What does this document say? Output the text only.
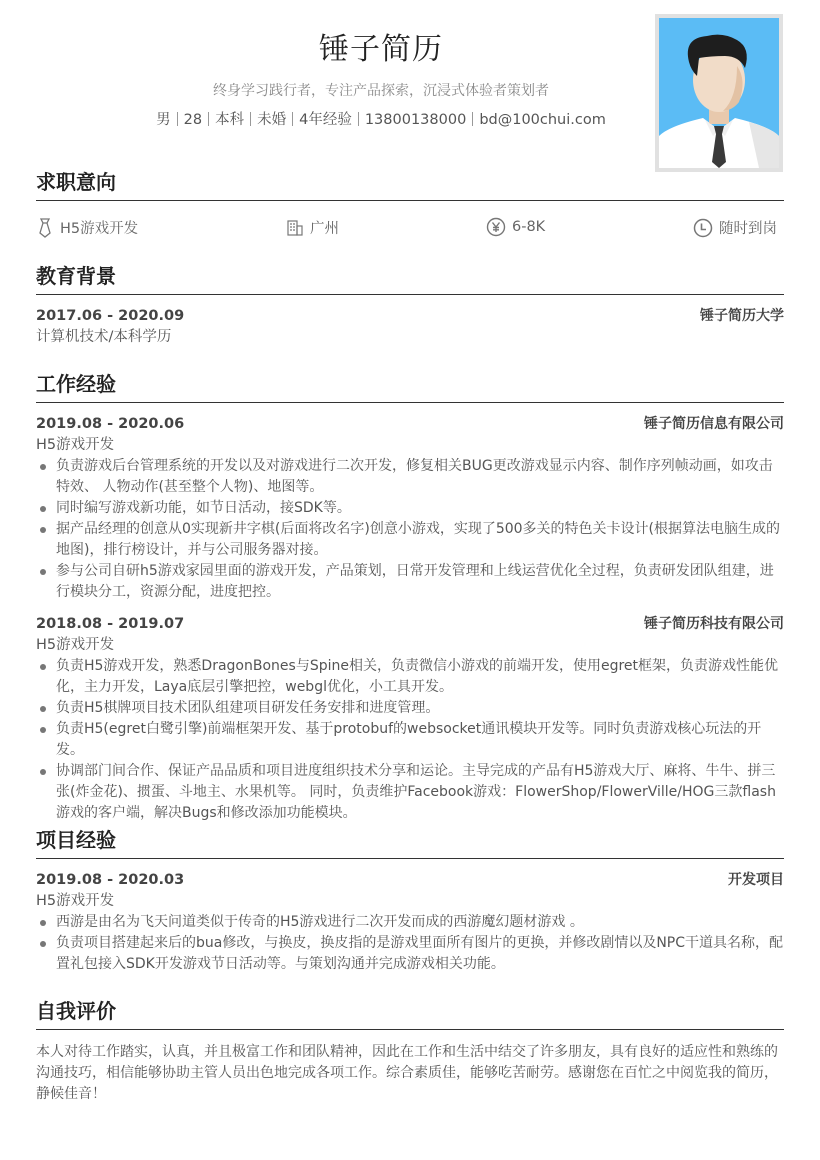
锤子简历
终身学习践行者，专注产品探索，沉浸式体验者策划者
男 28 本科 未婚 4年经验 13800138000 bd@100chui.com
求职意向
H5游戏开发	广州	6-8K	随时到岗
教育背景
2017.06 - 2020.09	锤子简历大学
计算机技术/本科学历
工作经验
2019.08 - 2020.06	锤子简历信息有限公司
H5游戏开发
负责游戏后台管理系统的开发以及对游戏进行二次开发，修复相关BUG更改游戏显示内容、制作序列帧动画，如攻击特效、 人物动作(甚至整个人物)、地图等。
同时编写游戏新功能，如节日活动，接SDK等。
据产品经理的创意从0实现新井字棋(后面将改名字)创意小游戏，实现了500多关的特色关卡设计(根据算法电脑生成的地图)，排行榜设计，并与公司服务器对接。
参与公司自研h5游戏家园里面的游戏开发，产品策划，日常开发管理和上线运营优化全过程，负责研发团队组建，进行模块分工，资源分配，进度把控。
2018.08 - 2019.07	锤子简历科技有限公司
H5游戏开发
负责H5游戏开发，熟悉DragonBones与Spine相关，负责微信小游戏的前端开发，使用egret框架，负责游戏性能优化，主力开发，Laya底层引擎把控，webgl优化，小工具开发。
负责H5棋牌项目技术团队组建项目研发任务安排和进度管理。
负责H5(egret白鹭引擎)前端框架开发、基于protobuf的websocket通讯模块开发等。同时负责游戏核心玩法的开发。
协调部门间合作、保证产品品质和项目进度组织技术分享和运论。主导完成的产品有H5游戏大厅、麻将、牛牛、拼三张(炸金花)、掼蛋、斗地主、水果机等。 同时，负责维护Facebook游戏：FlowerShop/FlowerVille/HOG三款flash游戏的客户端，解决Bugs和修改添加功能模块。
项目经验
2019.08 - 2020.03	开发项目
H5游戏开发
西游是由名为飞天问道类似于传奇的H5游戏进行二次开发而成的西游魔幻题材游戏 。
负责项目搭建起来后的bua修改，与换皮，换皮指的是游戏里面所有图片的更换，并修改剧情以及NPC干道具名称，配置礼包接入SDK开发游戏节日活动等。与策划沟通并完成游戏相关功能。
自我评价
本人对待工作踏实，认真，并且极富工作和团队精神，因此在工作和生活中结交了许多朋友，具有良好的适应性和熟练的沟通技巧，相信能够协助主管人员出色地完成各项工作。综合素质佳，能够吃苦耐劳。感谢您在百忙之中阅览我的简历，静候佳音！
